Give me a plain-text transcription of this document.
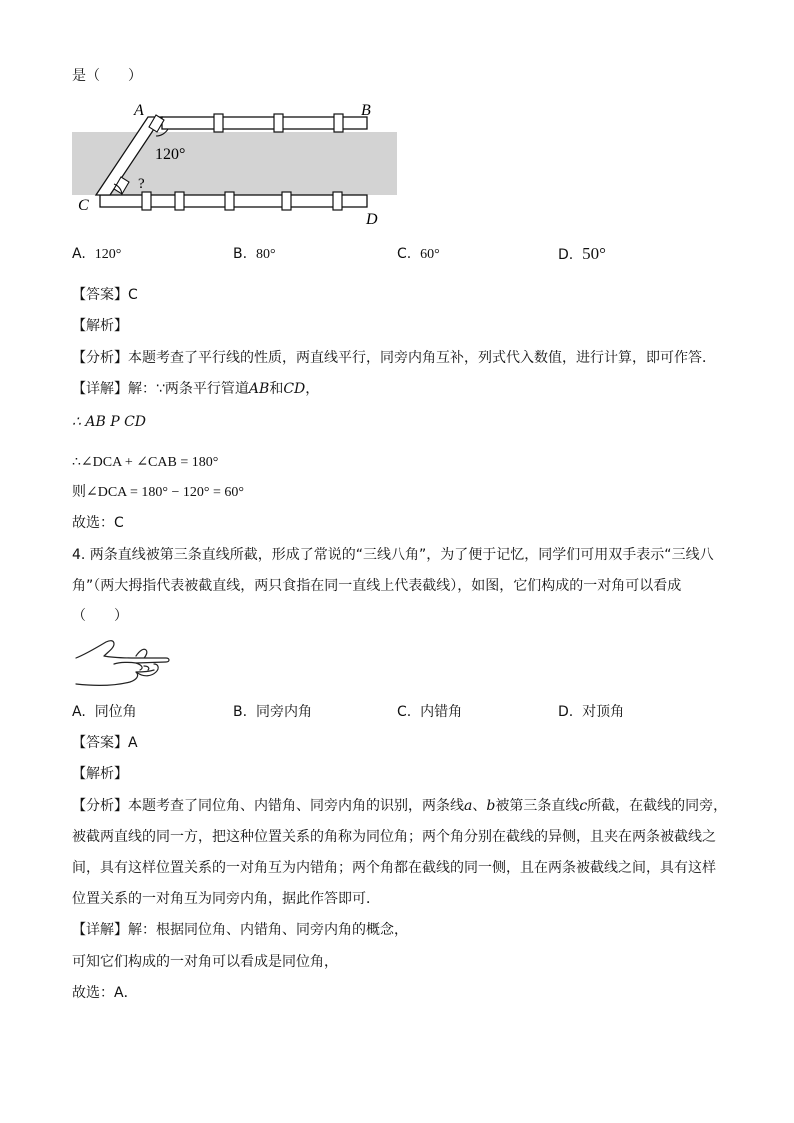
是（　　）
A	B
C
D
120°
?
A. 120°	B. 80°	C. 60°	D. 50°
【答案】C
【解析】
【分析】本题考查了平行线的性质，两直线平行，同旁内角互补，列式代入数值，进行计算，即可作答．
【详解】解：∵两条平行管道AB和CD，
∴ AB P CD
∴∠DCA + ∠CAB = 180°
则∠DCA = 180° − 120° = 60°
故选：C
4. 两条直线被第三条直线所截，形成了常说的“三线八角”，为了便于记忆，同学们可用双手表示“三线八
角”（两大拇指代表被截直线，两只食指在同一直线上代表截线），如图，它们构成的一对角可以看成
（　　）
A. 同位角	B. 同旁内角	C. 内错角	D. 对顶角
【答案】A
【解析】
【分析】本题考查了同位角、内错角、同旁内角的识别，两条线a、b被第三条直线c所截，在截线的同旁，
被截两直线的同一方，把这种位置关系的角称为同位角；两个角分别在截线的异侧，且夹在两条被截线之
间，具有这样位置关系的一对角互为内错角；两个角都在截线的同一侧，且在两条被截线之间，具有这样
位置关系的一对角互为同旁内角，据此作答即可．
【详解】解：根据同位角、内错角、同旁内角的概念，
可知它们构成的一对角可以看成是同位角，
故选：A．
